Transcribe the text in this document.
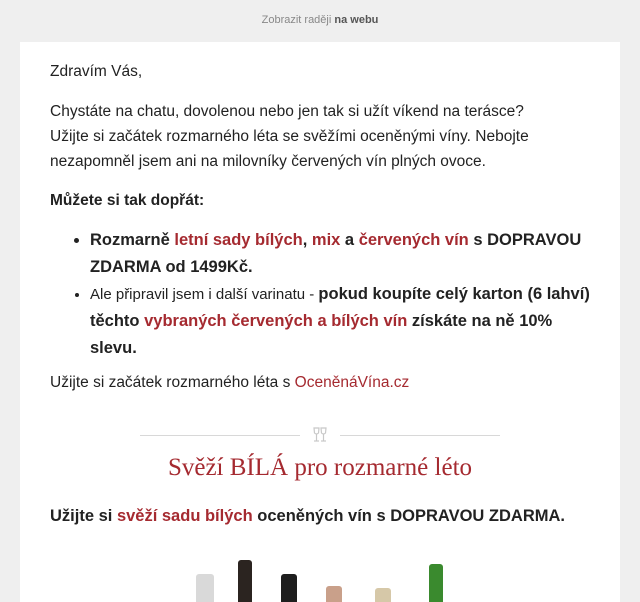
Zobrazit raději na webu

Zdravím Vás,

Chystáte na chatu, dovolenou nebo jen tak si užít víkend na terásce?
Užijte si začátek rozmarného léta se svěžími oceněnými víny. Nebojte
nezapomněl jsem ani na milovníky červených vín plných ovoce.

Můžete si tak dopřát:

• Rozmarně letní sady bílých, mix a červených vín s DOPRAVOU ZDARMA od 1499Kč.
• Ale připravil jsem i další varinatu - pokud koupíte celý karton (6 lahví) těchto vybraných červených a bílých vín získáte na ně 10% slevu.

Užijte si začátek rozmarného léta s OceněnáVína.cz

Svěží BÍLÁ pro rozmarné léto
Užijte si svěží sadu bílých oceněných vín s DOPRAVOU ZDARMA.
